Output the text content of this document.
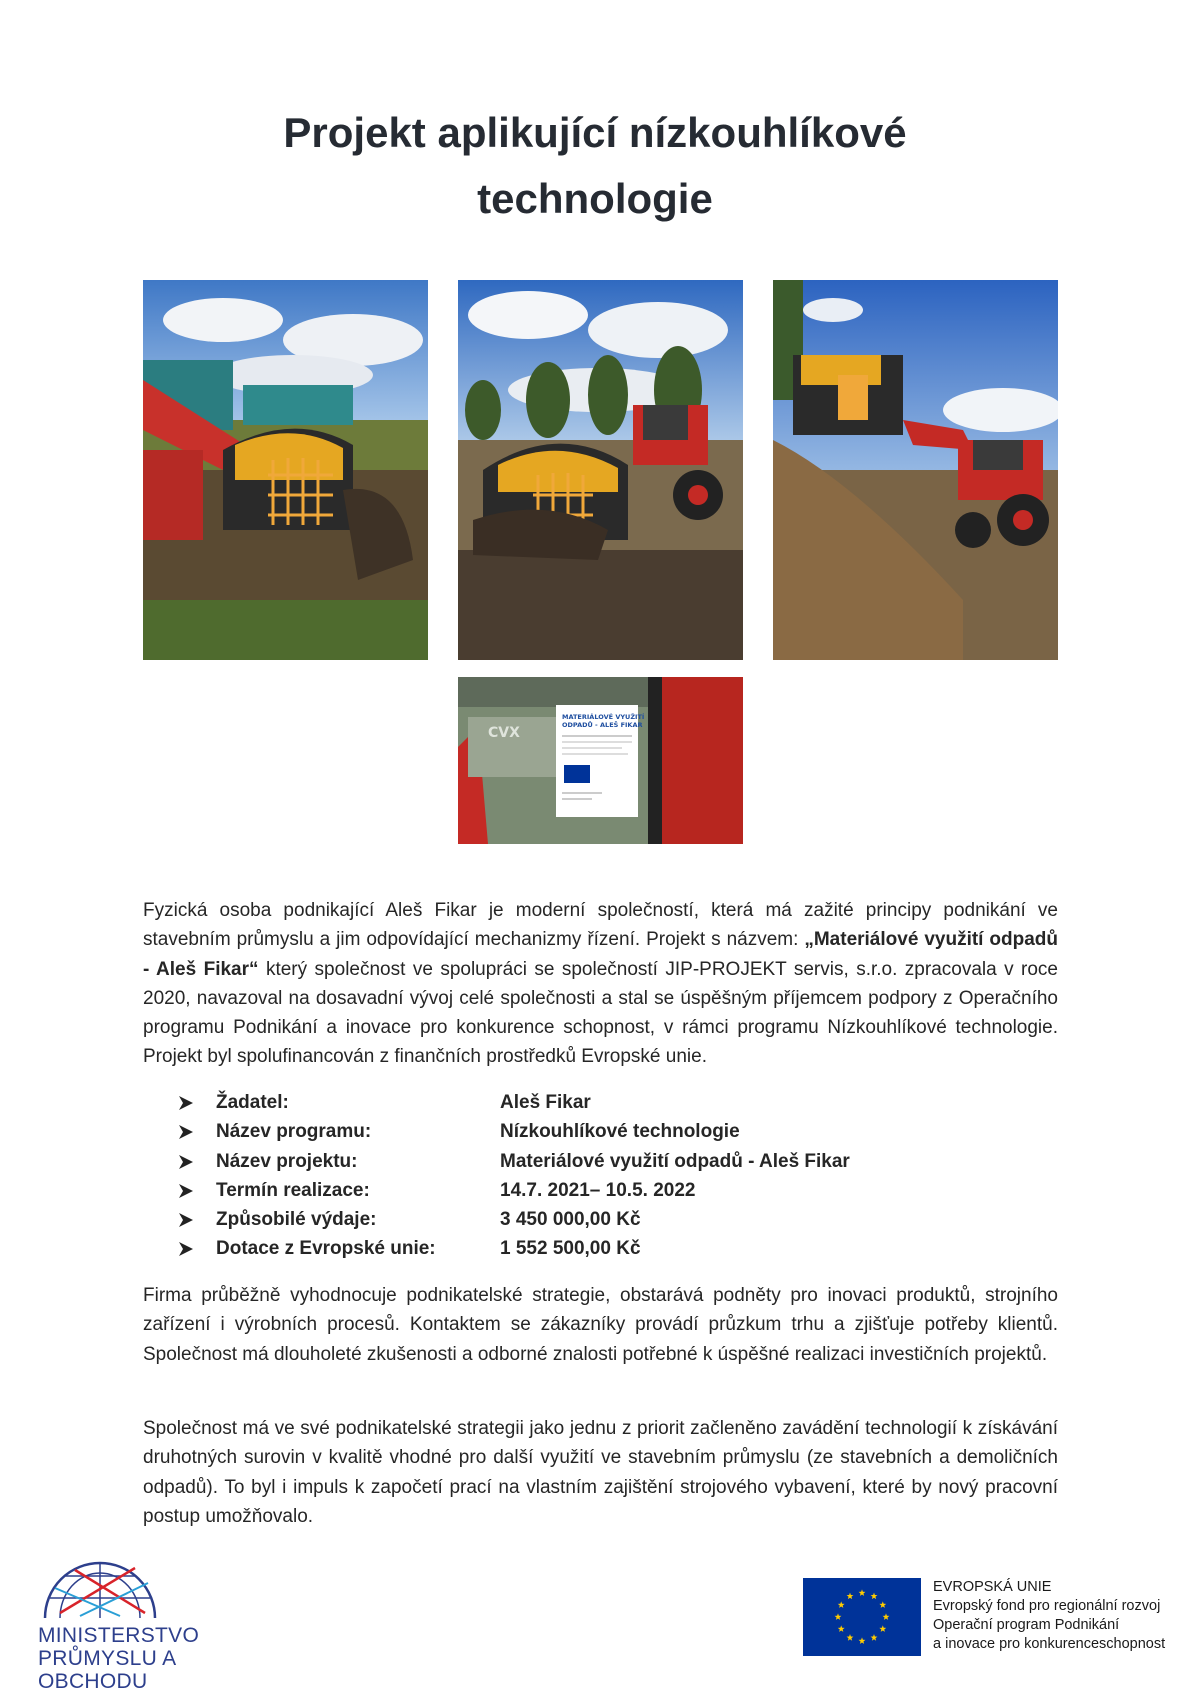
Projekt aplikující nízkouhlíkové
technologie
CVX
MATERIÁLOVÉ VYUŽITÍ
ODPADŮ - ALEŠ FIKAR

Fyzická osoba podnikající Aleš Fikar je moderní společností, která má zažité principy podnikání ve stavebním průmyslu a jim odpovídající mechanizmy řízení. Projekt s názvem: „Materiálové využití odpadů - Aleš Fikar“ který společnost ve spolupráci se společností JIP-PROJEKT servis, s.r.o. zpracovala v roce 2020, navazoval na dosavadní vývoj celé společnosti a stal se úspěšným příjemcem podpory z Operačního programu Podnikání a inovace pro konkurence schopnost, v rámci programu Nízkouhlíkové technologie. Projekt byl spolufinancován z finančních prostředků Evropské unie.

Žadatel:	Aleš Fikar
Název programu:	Nízkouhlíkové technologie
Název projektu:	Materiálové využití odpadů - Aleš Fikar
Termín realizace:	14.7. 2021– 10.5. 2022
Způsobilé výdaje:	3 450 000,00 Kč
Dotace z Evropské unie:	1 552 500,00 Kč

Firma průběžně vyhodnocuje podnikatelské strategie, obstarává podněty pro inovaci produktů, strojního zařízení i výrobních procesů. Kontaktem se zákazníky provádí průzkum trhu a zjišťuje potřeby klientů. Společnost má dlouholeté zkušenosti a odborné znalosti potřebné k úspěšné realizaci investičních projektů.

Společnost má ve své podnikatelské strategii jako jednu z priorit začleněno zavádění technologií k získávání druhotných surovin v kvalitě vhodné pro další využití ve stavebním průmyslu (ze stavebních a demoličních odpadů). To byl i impuls k započetí prací na vlastním zajištění strojového vybavení, které by nový pracovní postup umožňovalo.

MINISTERSTVO
PRŮMYSLU A OBCHODU
EVROPSKÁ UNIE
Evropský fond pro regionální rozvoj
Operační program Podnikání
a inovace pro konkurenceschopnost
